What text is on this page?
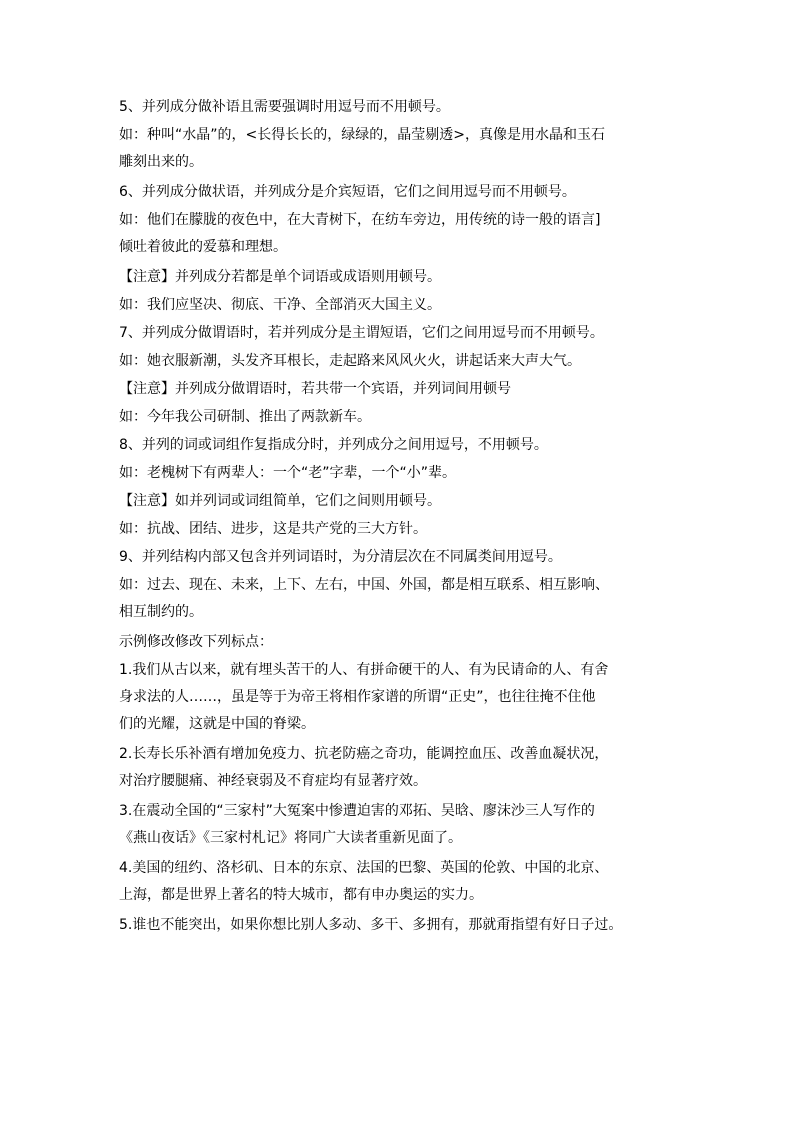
5、并列成分做补语且需要强调时用逗号而不用顿号。
如：种叫“水晶”的，<长得长长的，绿绿的，晶莹剔透>，真像是用水晶和玉石
雕刻出来的。
6、并列成分做状语，并列成分是介宾短语，它们之间用逗号而不用顿号。
如：他们在朦胧的夜色中，在大青树下，在纺车旁边，用传统的诗一般的语言]
倾吐着彼此的爱慕和理想。
【注意】并列成分若都是单个词语或成语则用顿号。
如：我们应坚决、彻底、干净、全部消灭大国主义。
7、并列成分做谓语时，若并列成分是主谓短语，它们之间用逗号而不用顿号。
如：她衣服新潮，头发齐耳根长，走起路来风风火火，讲起话来大声大气。
【注意】并列成分做谓语时，若共带一个宾语，并列词间用顿号
如：今年我公司研制、推出了两款新车。
8、并列的词或词组作复指成分时，并列成分之间用逗号，不用顿号。
如：老槐树下有两辈人：一个“老”字辈，一个“小”辈。
【注意】如并列词或词组简单，它们之间则用顿号。
如：抗战、团结、进步，这是共产党的三大方针。
9、并列结构内部又包含并列词语时，为分清层次在不同属类间用逗号。
如：过去、现在、未来，上下、左右，中国、外国，都是相互联系、相互影响、
相互制约的。
示例修改修改下列标点：
1.我们从古以来，就有埋头苦干的人、有拼命硬干的人、有为民请命的人、有舍
身求法的人……，虽是等于为帝王将相作家谱的所谓“正史”，也往往掩不住他
们的光耀，这就是中国的脊梁。
2.长寿长乐补酒有增加免疫力、抗老防癌之奇功，能调控血压、改善血凝状况，
对治疗腰腿痛、神经衰弱及不育症均有显著疗效。
3.在震动全国的“三家村”大冤案中惨遭迫害的邓拓、吴晗、廖沫沙三人写作的
《燕山夜话》《三家村札记》将同广大读者重新见面了。
4.美国的纽约、洛杉矶、日本的东京、法国的巴黎、英国的伦敦、中国的北京、
上海，都是世界上著名的特大城市，都有申办奥运的实力。
5.谁也不能突出，如果你想比别人多动、多干、多拥有，那就甭指望有好日子过。
